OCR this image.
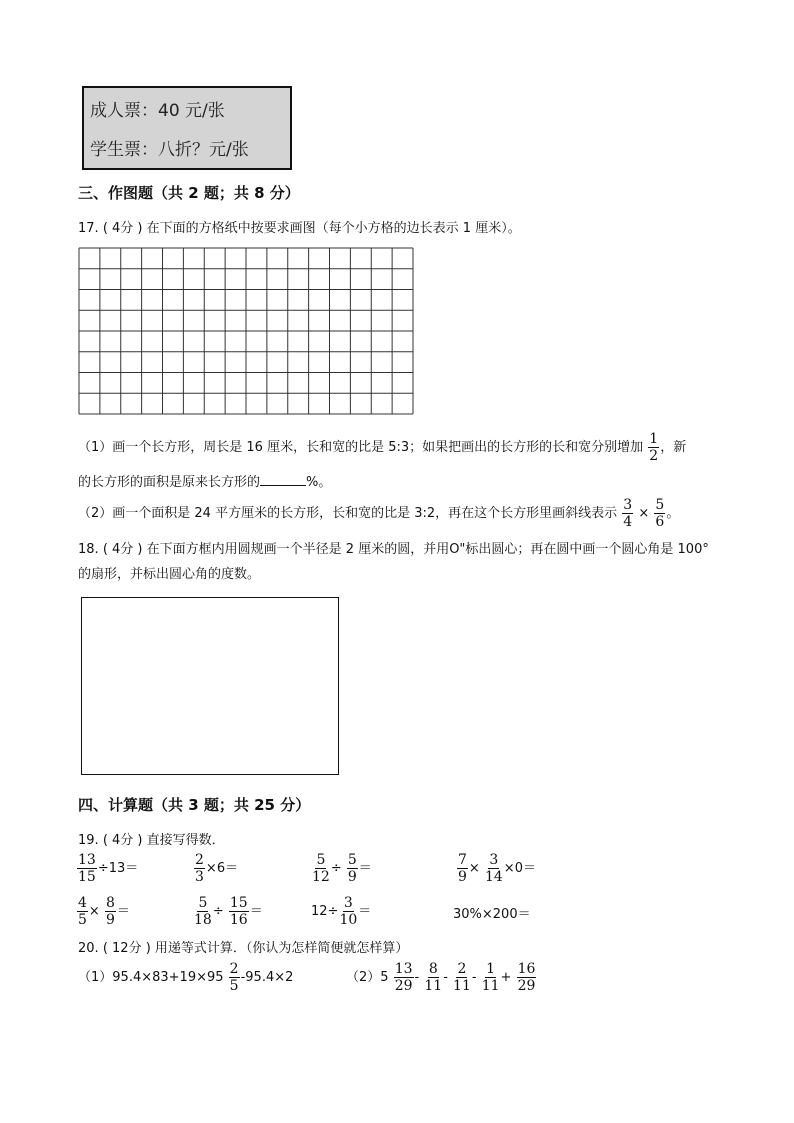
成人票：40 元/张
学生票：八折？元/张
三、作图题（共 2 题；共 8 分）
17. ( 4分 ) 在下面的方格纸中按要求画图（每个小方格的边长表示 1 厘米）。
（1）画一个长方形，周长是 16 厘米，长和宽的比是 5:3；如果把画出的长方形的长和宽分别增加 $\frac{1}{2}$ ，新
的长方形的面积是原来长方形的	%。
（2）画一个面积是 24 平方厘米的长方形，长和宽的比是 3:2，再在这个长方形里画斜线表示 $\frac{3}{4} \times \frac{5}{6}$ 。
18. ( 4分 ) 在下面方框内用圆规画一个半径是 2 厘米的圆，并用O"标出圆心；再在圆中画一个圆心角是 100°
的扇形，并标出圆心角的度数。
四、计算题（共 3 题；共 25 分）
19. ( 4分 ) 直接写得数．
$\frac{13}{15} \div 13=$	$\frac{2}{3} \times 6=$	$\frac{5}{12} \div \frac{5}{9}$ ＝	$\frac{7}{9} \times \frac{3}{14} \times 0=$
$\frac{4}{5} \times \frac{8}{9}$ ＝	$\frac{5}{18} \div \frac{15}{16}$ ＝	$12\div \frac{3}{10}$ ＝	30%×200＝
20. ( 12分 ) 用递等式计算．（你认为怎样简便就怎样算）
$(1)95.4\times 83+19\times 95 \frac{2}{5} -95.4\times 2$	$(2)5 \frac{13}{29} - \frac{8}{11} - \frac{2}{11} - \frac{1}{11} + \frac{16}{29}$
